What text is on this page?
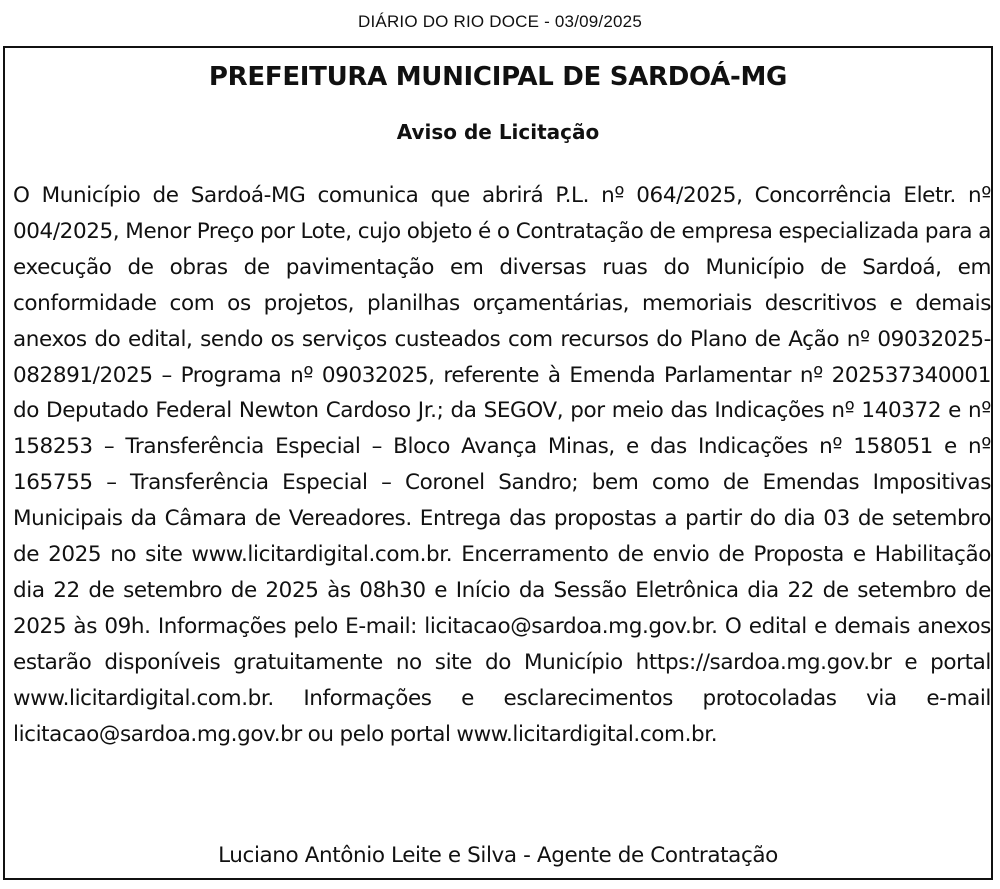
DIÁRIO DO RIO DOCE - 03/09/2025
PREFEITURA MUNICIPAL DE SARDOÁ-MG
Aviso de Licitação

O Município de Sardoá-MG comunica que abrirá P.L. nº 064/2025, Concorrência Eletr. nº 004/2025, Menor Preço por Lote, cujo objeto é o Contratação de empresa especializada para a execução de obras de pavimentação em diversas ruas do Município de Sardoá, em conformidade com os projetos, planilhas orçamentárias, memoriais descritivos e demais anexos do edital, sendo os serviços custeados com recursos do Plano de Ação nº 09032025-082891/2025 – Programa nº 09032025, referente à Emenda Parlamentar nº 202537340001 do Deputado Federal Newton Cardoso Jr.; da SEGOV, por meio das Indicações nº 140372 e nº 158253 – Transferência Especial – Bloco Avança Minas, e das Indicações nº 158051 e nº 165755 – Transferência Especial – Coronel Sandro; bem como de Emendas Impositivas Municipais da Câmara de Vereadores. Entrega das propostas a partir do dia 03 de setembro de 2025 no site www.licitardigital.com.br. Encerramento de envio de Proposta e Habilitação dia 22 de setembro de 2025 às 08h30 e Início da Sessão Eletrônica dia 22 de setembro de 2025 às 09h. Informações pelo E-mail: licitacao@sardoa.mg.gov.br. O edital e demais anexos estarão disponíveis gratuitamente no site do Município https://sardoa.mg.gov.br e portal www.licitardigital.com.br. Informações e esclarecimentos protocoladas via e-mail licitacao@sardoa.mg.gov.br ou pelo portal www.licitardigital.com.br.

Luciano Antônio Leite e Silva - Agente de Contratação
